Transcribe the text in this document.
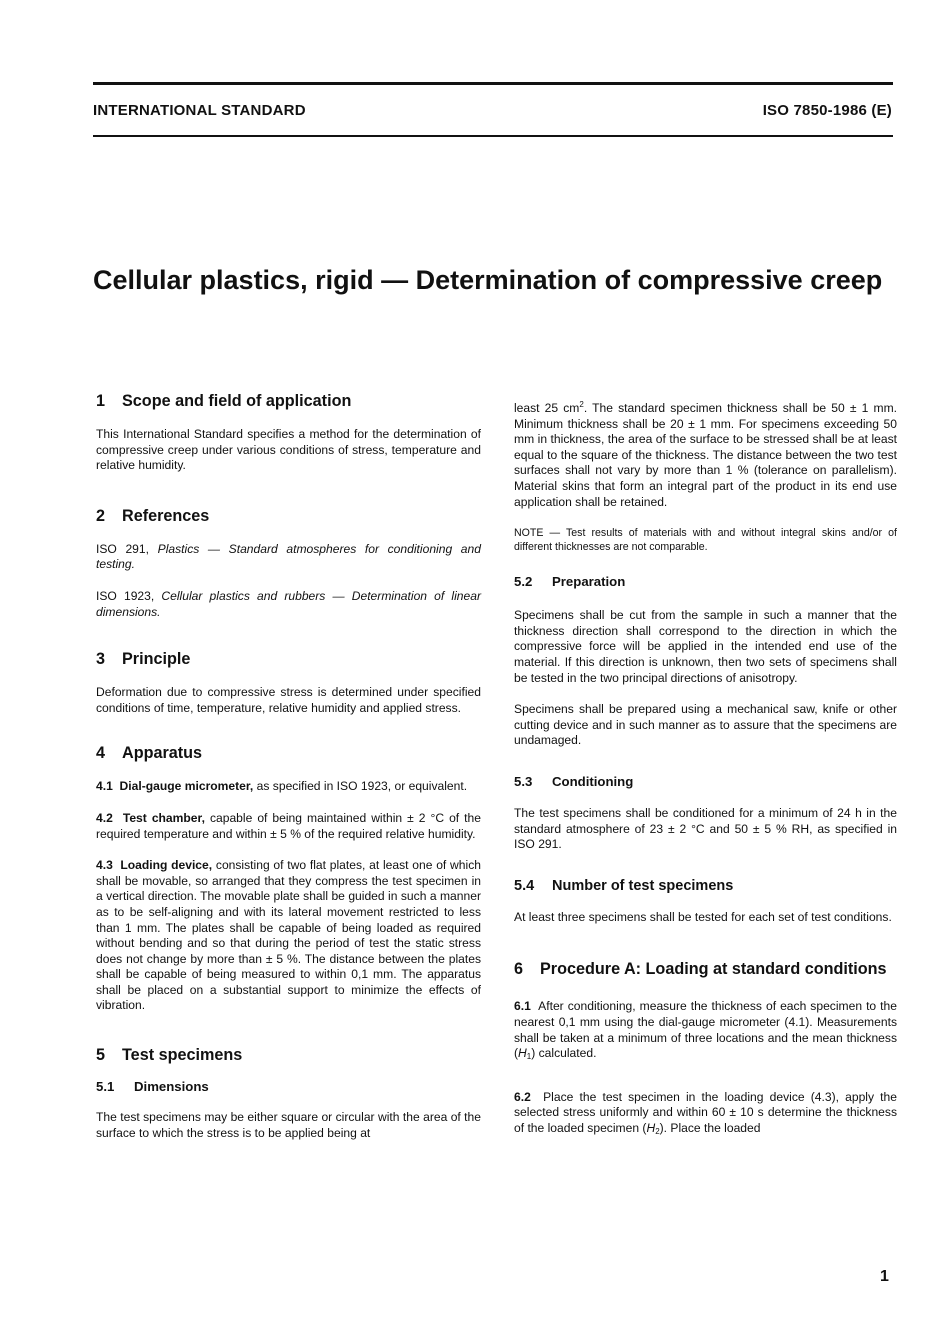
INTERNATIONAL STANDARD	ISO 7850-1986 (E)
Cellular plastics, rigid — Determination of compressive creep
1 Scope and field of application

This International Standard specifies a method for the determination of compressive creep under various conditions of stress, temperature and relative humidity.

2 References

ISO 291, Plastics — Standard atmospheres for conditioning and testing.

ISO 1923, Cellular plastics and rubbers — Determination of linear dimensions.

3 Principle

Deformation due to compressive stress is determined under specified conditions of time, temperature, relative humidity and applied stress.

4 Apparatus

4.1 Dial-gauge micrometer, as specified in ISO 1923, or equivalent.

4.2 Test chamber, capable of being maintained within ± 2 °C of the required temperature and within ± 5 % of the required relative humidity.

4.3 Loading device, consisting of two flat plates, at least one of which shall be movable, so arranged that they compress the test specimen in a vertical direction. The movable plate shall be guided in such a manner as to be self-aligning and with its lateral movement restricted to less than 1 mm. The plates shall be capable of being loaded as required without bending and so that during the period of test the static stress does not change by more than ± 5 %. The distance between the plates shall be capable of being measured to within 0,1 mm. The apparatus shall be placed on a substantial support to minimize the effects of vibration.

5 Test specimens
5.1 Dimensions

The test specimens may be either square or circular with the area of the surface to which the stress is to be applied being at

least 25 $cm^2$. The standard specimen thickness shall be 50 ± 1 mm. Minimum thickness shall be 20 ± 1 mm. For specimens exceeding 50 mm in thickness, the area of the surface to be stressed shall be at least equal to the square of the thickness. The distance between the two test surfaces shall not vary by more than 1 % (tolerance on parallelism). Material skins that form an integral part of the product in its end use application shall be retained.

NOTE — Test results of materials with and without integral skins and/or of different thicknesses are not comparable.

5.2 Preparation

Specimens shall be cut from the sample in such a manner that the thickness direction shall correspond to the direction in which the compressive force will be applied in the intended end use of the material. If this direction is unknown, then two sets of specimens shall be tested in the two principal directions of anisotropy.

Specimens shall be prepared using a mechanical saw, knife or other cutting device and in such manner as to assure that the specimens are undamaged.

5.3 Conditioning

The test specimens shall be conditioned for a minimum of 24 h in the standard atmosphere of 23 ± 2 °C and 50 ± 5 % RH, as specified in ISO 291.

5.4 Number of test specimens

At least three specimens shall be tested for each set of test conditions.

6 Procedure A: Loading at standard conditions

6.1 After conditioning, measure the thickness of each specimen to the nearest 0,1 mm using the dial-gauge micrometer (4.1). Measurements shall be taken at a minimum of three locations and the mean thickness $(H_1)$ calculated.

6.2 Place the test specimen in the loading device (4.3), apply the selected stress uniformly and within 60 ± 10 s determine the thickness of the loaded specimen $(H_2)$. Place the loaded

1
